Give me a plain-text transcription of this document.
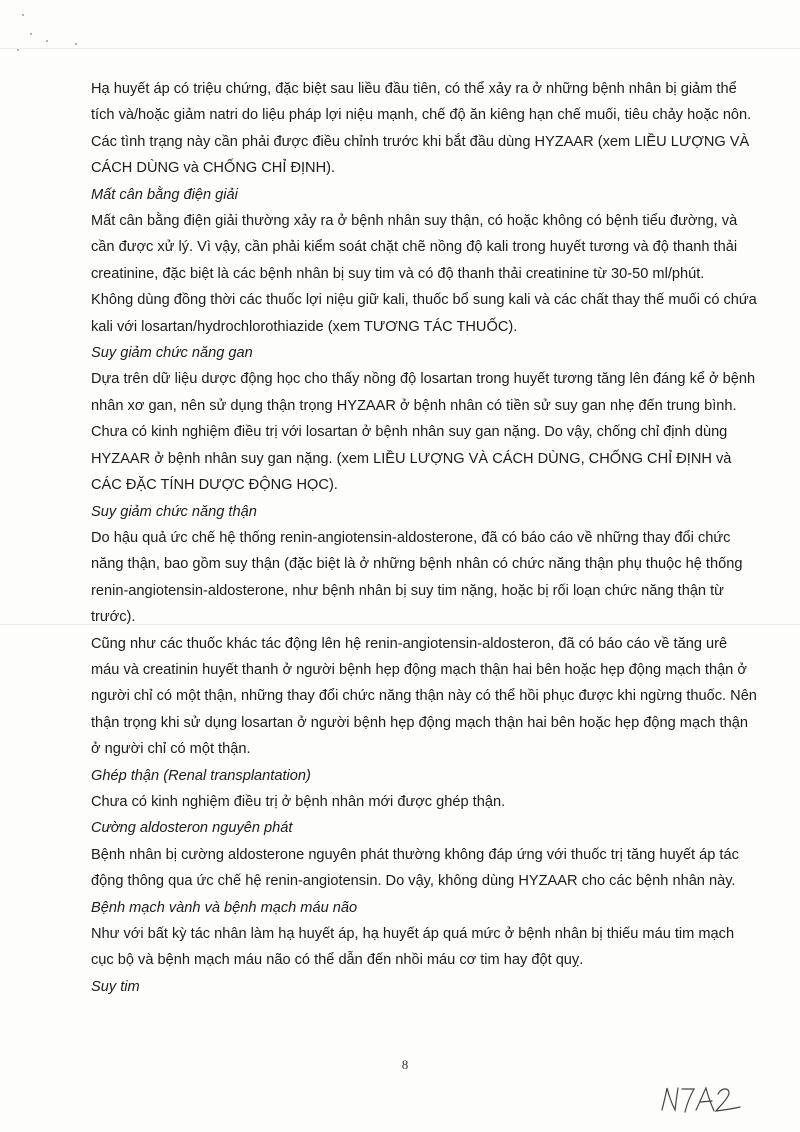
Hạ huyết áp có triệu chứng, đặc biệt sau liều đầu tiên, có thể xảy ra ở những bệnh nhân bị giảm thể tích và/hoặc giảm natri do liệu pháp lợi niệu mạnh, chế độ ăn kiêng hạn chế muối, tiêu chảy hoặc nôn. Các tình trạng này cần phải được điều chỉnh trước khi bắt đầu dùng HYZAAR (xem LIỀU LƯỢNG VÀ CÁCH DÙNG và CHỐNG CHỈ ĐỊNH).

Mất cân bằng điện giải

Mất cân bằng điện giải thường xảy ra ở bệnh nhân suy thận, có hoặc không có bệnh tiểu đường, và cần được xử lý. Vì vậy, cần phải kiểm soát chặt chẽ nồng độ kali trong huyết tương và độ thanh thải creatinine, đặc biệt là các bệnh nhân bị suy tim và có độ thanh thải creatinine từ 30-50 ml/phút.

Không dùng đồng thời các thuốc lợi niệu giữ kali, thuốc bổ sung kali và các chất thay thế muối có chứa kali với losartan/hydrochlorothiazide (xem TƯƠNG TÁC THUỐC).

Suy giảm chức năng gan

Dựa trên dữ liệu dược động học cho thấy nồng độ losartan trong huyết tương tăng lên đáng kể ở bệnh nhân xơ gan, nên sử dụng thận trọng HYZAAR ở bệnh nhân có tiền sử suy gan nhẹ đến trung bình. Chưa có kinh nghiệm điều trị với losartan ở bệnh nhân suy gan nặng. Do vậy, chống chỉ định dùng HYZAAR ở bệnh nhân suy gan nặng. (xem LIỀU LƯỢNG VÀ CÁCH DÙNG, CHỐNG CHỈ ĐỊNH và CÁC ĐẶC TÍNH DƯỢC ĐỘNG HỌC).

Suy giảm chức năng thận

Do hậu quả ức chế hệ thống renin-angiotensin-aldosterone, đã có báo cáo về những thay đổi chức năng thận, bao gồm suy thận (đặc biệt là ở những bệnh nhân có chức năng thận phụ thuộc hệ thống renin-angiotensin-aldosterone, như bệnh nhân bị suy tim nặng, hoặc bị rối loạn chức năng thận từ trước).

Cũng như các thuốc khác tác động lên hệ renin-angiotensin-aldosteron, đã có báo cáo về tăng urê máu và creatinin huyết thanh ở người bệnh hẹp động mạch thận hai bên hoặc hẹp động mạch thận ở người chỉ có một thận, những thay đổi chức năng thận này có thể hồi phục được khi ngừng thuốc. Nên thận trọng khi sử dụng losartan ở người bệnh hẹp động mạch thận hai bên hoặc hẹp động mạch thận ở người chỉ có một thận.

Ghép thận (Renal transplantation)

Chưa có kinh nghiệm điều trị ở bệnh nhân mới được ghép thận.

Cường aldosteron nguyên phát

Bệnh nhân bị cường aldosterone nguyên phát thường không đáp ứng với thuốc trị tăng huyết áp tác động thông qua ức chế hệ renin-angiotensin. Do vậy, không dùng HYZAAR cho các bệnh nhân này.

Bệnh mạch vành và bệnh mạch máu não

Như với bất kỳ tác nhân làm hạ huyết áp, hạ huyết áp quá mức ở bệnh nhân bị thiếu máu tim mạch cục bộ và bệnh mạch máu não có thể dẫn đến nhồi máu cơ tim hay đột quỵ.

Suy tim

8
